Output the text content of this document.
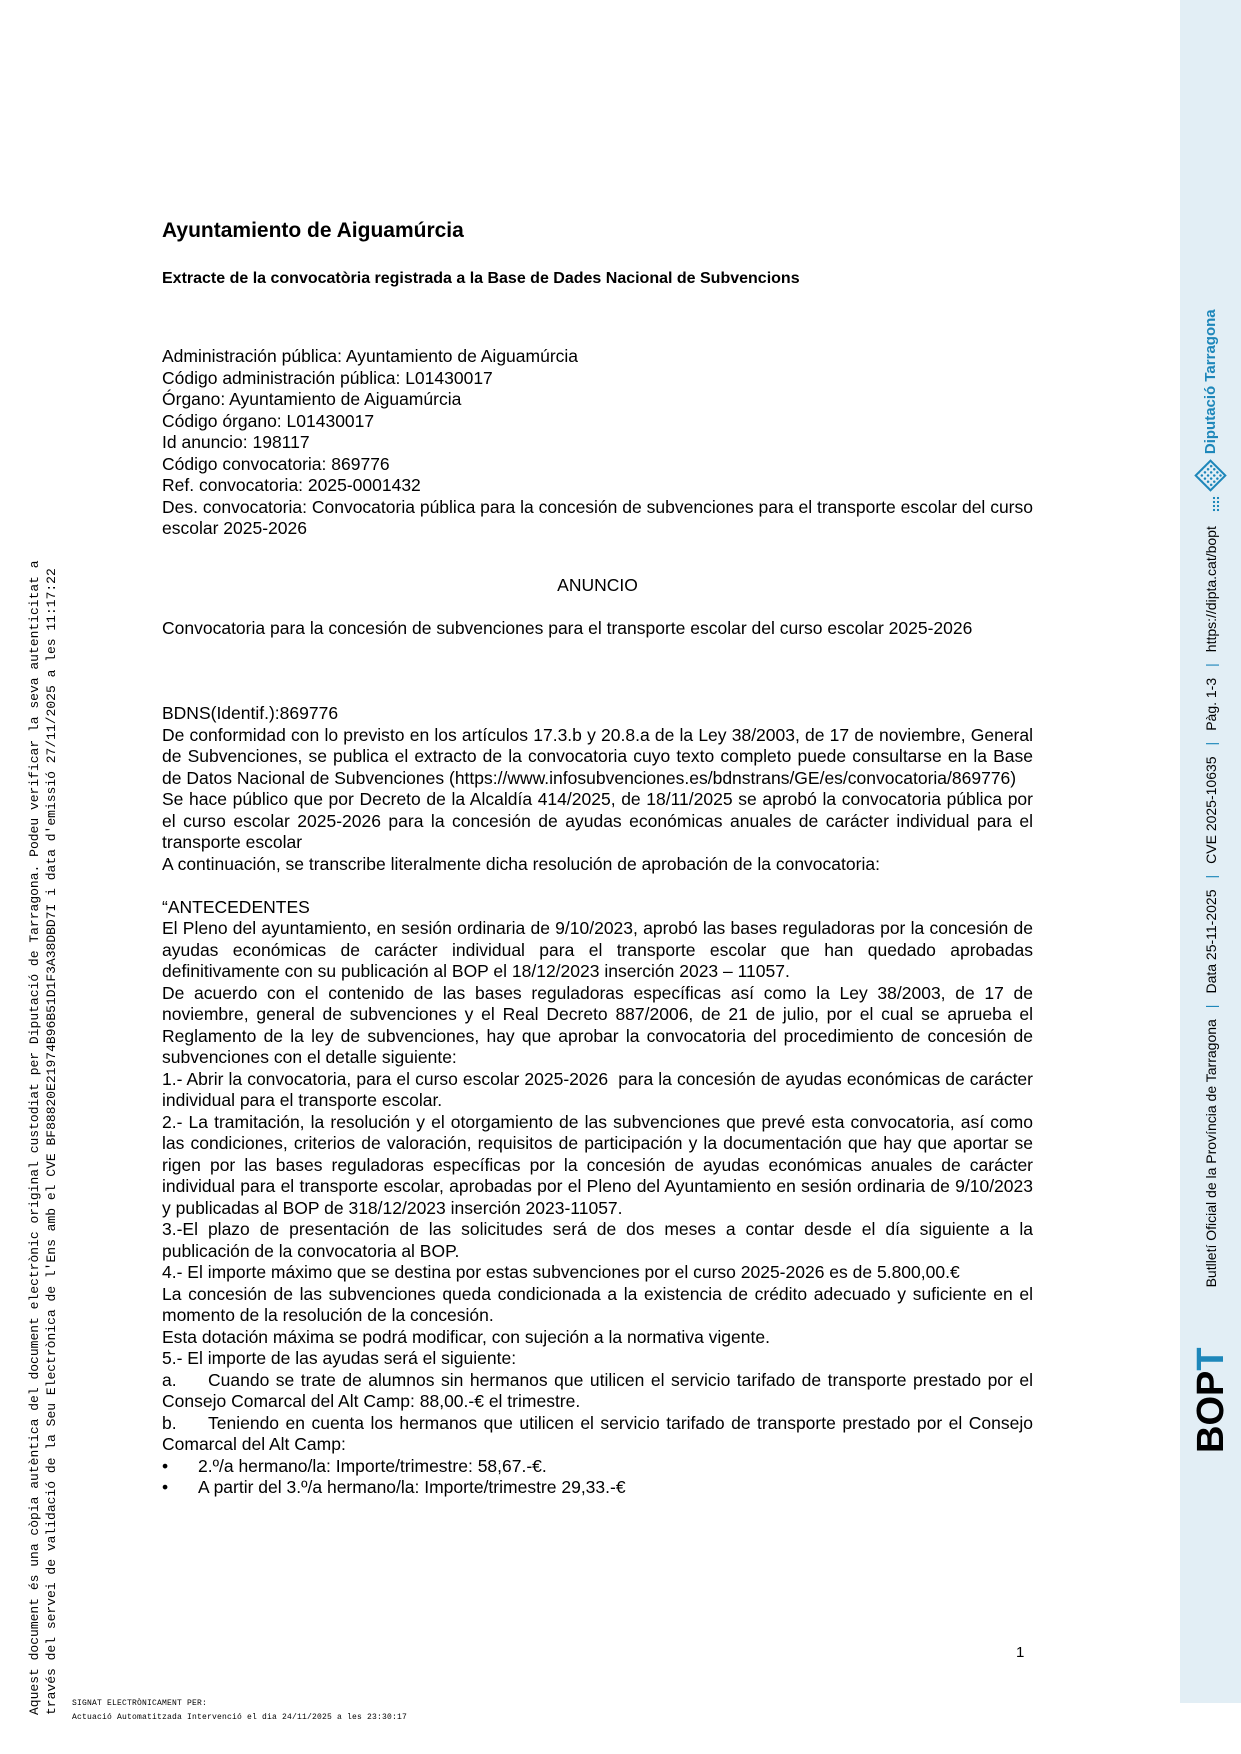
Aquest document és una còpia autèntica del document electrònic original custodiat per Diputació de Tarragona. Podeu verificar la seva autenticitat a través del servei de validació de la Seu Electrònica de l'Ens amb el CVE BF88820E21974B96B51D1F3A38DBD7I i data d'emissió 27/11/2025 a les 11:17:22
Ayuntamiento de Aiguamúrcia
Extracte de la convocatòria registrada a la Base de Dades Nacional de Subvencions
Administración pública: Ayuntamiento de Aiguamúrcia
Código administración pública: L01430017
Órgano: Ayuntamiento de Aiguamúrcia
Código órgano: L01430017
Id anuncio: 198117
Código convocatoria: 869776
Ref. convocatoria: 2025-0001432
Des. convocatoria: Convocatoria pública para la concesión de subvenciones para el transporte escolar del curso escolar 2025-2026
ANUNCIO

Convocatoria para la concesión de subvenciones para el transporte escolar del curso escolar 2025-2026

BDNS(Identif.):869776

De conformidad con lo previsto en los artículos 17.3.b y 20.8.a de la Ley 38/2003, de 17 de noviembre, General de Subvenciones, se publica el extracto de la convocatoria cuyo texto completo puede consultarse en la Base de Datos Nacional de Subvenciones (https://www.infosubvenciones.es/bdnstrans/GE/es/convocatoria/869776)

Se hace público que por Decreto de la Alcaldía 414/2025, de 18/11/2025 se aprobó la convocatoria pública por el curso escolar 2025-2026 para la concesión de ayudas económicas anuales de carácter individual para el transporte escolar

A continuación, se transcribe literalmente dicha resolución de aprobación de la convocatoria:

“ANTECEDENTES

El Pleno del ayuntamiento, en sesión ordinaria de 9/10/2023, aprobó las bases reguladoras por la concesión de ayudas económicas de carácter individual para el transporte escolar que han quedado aprobadas definitivamente con su publicación al BOP el 18/12/2023 inserción 2023 – 11057.

De acuerdo con el contenido de las bases reguladoras específicas así como la Ley 38/2003, de 17 de noviembre, general de subvenciones y el Real Decreto 887/2006, de 21 de julio, por el cual se aprueba el Reglamento de la ley de subvenciones, hay que aprobar la convocatoria del procedimiento de concesión de subvenciones con el detalle siguiente:

1.- Abrir la convocatoria, para el curso escolar 2025-2026  para la concesión de ayudas económicas de carácter individual para el transporte escolar.

2.- La tramitación, la resolución y el otorgamiento de las subvenciones que prevé esta convocatoria, así como las condiciones, criterios de valoración, requisitos de participación y la documentación que hay que aportar se rigen por las bases reguladoras específicas por la concesión de ayudas económicas anuales de carácter individual para el transporte escolar, aprobadas por el Pleno del Ayuntamiento en sesión ordinaria de 9/10/2023 y publicadas al BOP de 318/12/2023 inserción 2023-11057.

3.-El plazo de presentación de las solicitudes será de dos meses a contar desde el día siguiente a la publicación de la convocatoria al BOP.

4.- El importe máximo que se destina por estas subvenciones por el curso 2025-2026 es de 5.800,00.€

La concesión de las subvenciones queda condicionada a la existencia de crédito adecuado y suficiente en el momento de la resolución de la concesión.

Esta dotación máxima se podrá modificar, con sujeción a la normativa vigente.

5.- El importe de las ayudas será el siguiente:

a. Cuando se trate de alumnos sin hermanos que utilicen el servicio tarifado de transporte prestado por el Consejo Comarcal del Alt Camp: 88,00.-€ el trimestre.

b. Teniendo en cuenta los hermanos que utilicen el servicio tarifado de transporte prestado por el Consejo Comarcal del Alt Camp:

• 2.º/a hermano/la: Importe/trimestre: 58,67.-€.

• A partir del 3.º/a hermano/la: Importe/trimestre 29,33.-€

1
SIGNAT ELECTRÒNICAMENT PER:
Actuació Automatitzada Intervenció el dia 24/11/2025 a les 23:30:17
BOPT
Butlletí Oficial de la Província de Tarragona
|
Data 25-11-2025
|
CVE 2025-10635
|
Pàg. 1-3
|
https://dipta.cat/bopt
Diputació Tarragona
